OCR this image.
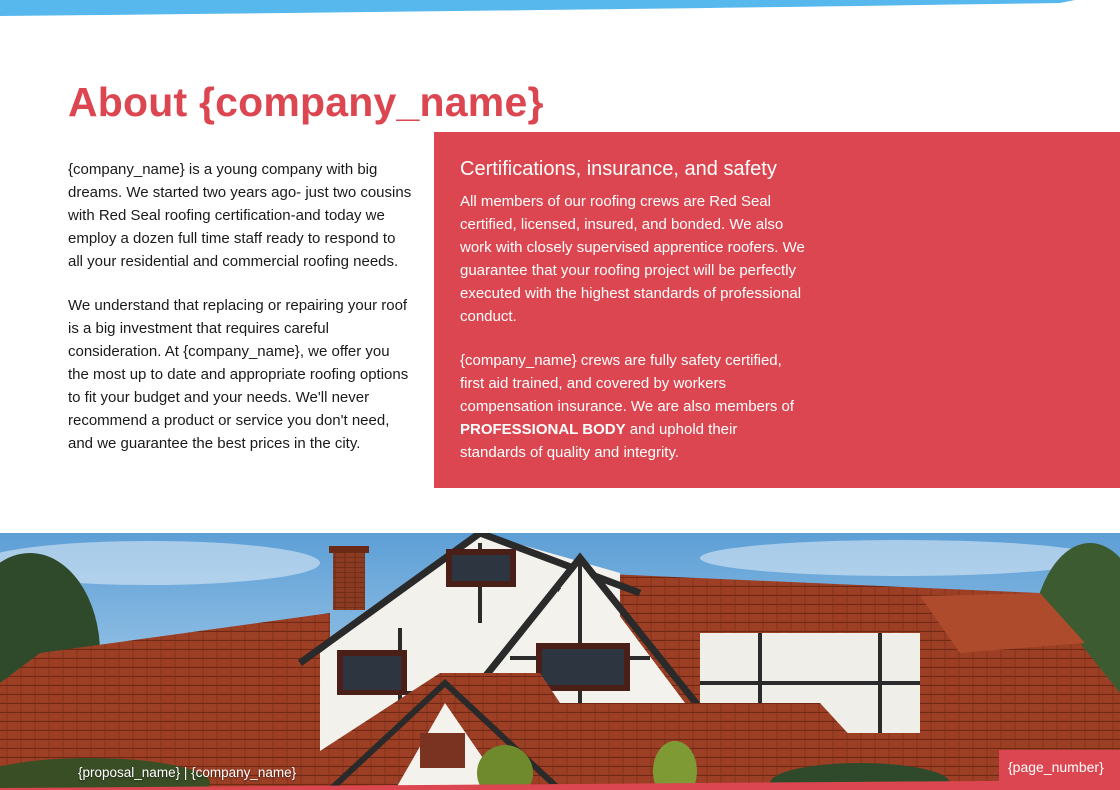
About {company_name}

{company_name} is a young company with big dreams. We started two years ago- just two cousins with Red Seal roofing certification-and today we employ a dozen full time staff ready to respond to all your residential and commercial roofing needs.

We understand that replacing or repairing your roof is a big investment that requires careful consideration. At {company_name}, we offer you the most up to date and appropriate roofing options to fit your budget and your needs. We'll never recommend a product or service you don't need, and we guarantee the best prices in the city.

Certifications, insurance, and safety

All members of our roofing crews are Red Seal certified, licensed, insured, and bonded. We also work with closely supervised apprentice roofers. We guarantee that your roofing project will be perfectly executed with the highest standards of professional conduct.

{company_name} crews are fully safety certified, first aid trained, and covered by workers compensation insurance. We are also members of PROFESSIONAL BODY and uphold their standards of quality and integrity.

{proposal_name} | {company_name}	{page_number}
